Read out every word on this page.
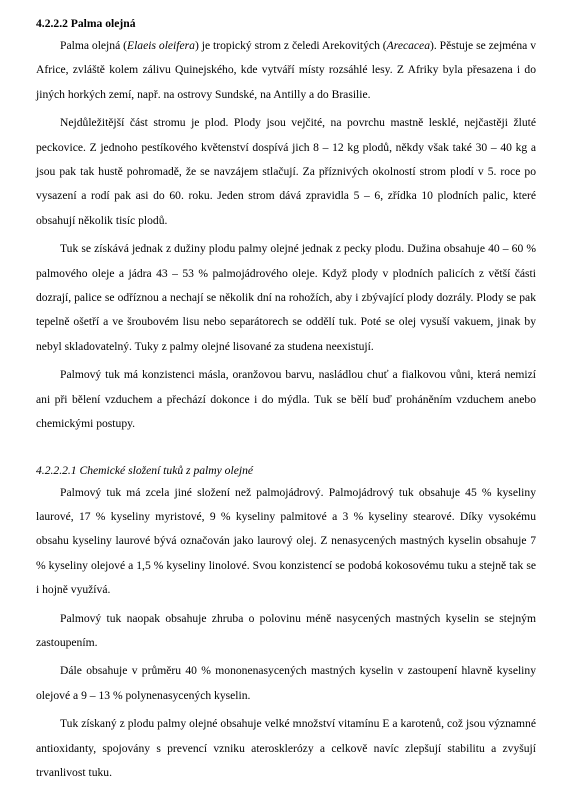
4.2.2.2 Palma olejná

Palma olejná (Elaeis oleifera) je tropický strom z čeledi Arekovitých (Arecacea). Pěstuje se zejména v Africe, zvláště kolem zálivu Quinejského, kde vytváří místy rozsáhlé lesy. Z Afriky byla přesazena i do jiných horkých zemí, např. na ostrovy Sundské, na Antilly a do Brasilie.

Nejdůležitější část stromu je plod. Plody jsou vejčité, na povrchu mastně lesklé, nejčastěji žluté peckovice. Z jednoho pestíkového květenství dospívá jich 8 – 12 kg plodů, někdy však také 30 – 40 kg a jsou pak tak hustě pohromadě, že se navzájem stlačují. Za příznivých okolností strom plodí v 5. roce po vysazení a rodí pak asi do 60. roku. Jeden strom dává zpravidla 5 – 6, zřídka 10 plodních palic, které obsahují několik tisíc plodů.

Tuk se získává jednak z dužiny plodu palmy olejné jednak z pecky plodu. Dužina obsahuje 40 – 60 % palmového oleje a jádra 43 – 53 % palmojádrového oleje. Když plody v plodních palicích z větší části dozrají, palice se odříznou a nechají se několik dní na rohožích, aby i zbývající plody dozrály. Plody se pak tepelně ošetří a ve šroubovém lisu nebo separátorech se oddělí tuk. Poté se olej vysuší vakuem, jinak by nebyl skladovatelný. Tuky z palmy olejné lisované za studena neexistují.

Palmový tuk má konzistenci másla, oranžovou barvu, nasládlou chuť a fialkovou vůni, která nemizí ani při bělení vzduchem a přechází dokonce i do mýdla. Tuk se bělí buď proháněním vzduchem anebo chemickými postupy.

4.2.2.2.1 Chemické složení tuků z palmy olejné

Palmový tuk má zcela jiné složení než palmojádrový. Palmojádrový tuk obsahuje 45 % kyseliny laurové, 17 % kyseliny myristové, 9 % kyseliny palmitové a 3 % kyseliny stearové. Díky vysokému obsahu kyseliny laurové bývá označován jako laurový olej. Z nenasycených mastných kyselin obsahuje 7 % kyseliny olejové a 1,5 % kyseliny linolové. Svou konzistencí se podobá kokosovému tuku a stejně tak se i hojně využívá.

Palmový tuk naopak obsahuje zhruba o polovinu méně nasycených mastných kyselin se stejným zastoupením.

Dále obsahuje v průměru 40 % mononenasycených mastných kyselin v zastoupení hlavně kyseliny olejové a 9 – 13 % polynenasycených kyselin.

Tuk získaný z plodu palmy olejné obsahuje velké množství vitamínu E a karotenů, což jsou významné antioxidanty, spojovány s prevencí vzniku aterosklerózy a celkově navíc zlepšují stabilitu a zvyšují trvanlivost tuku.
